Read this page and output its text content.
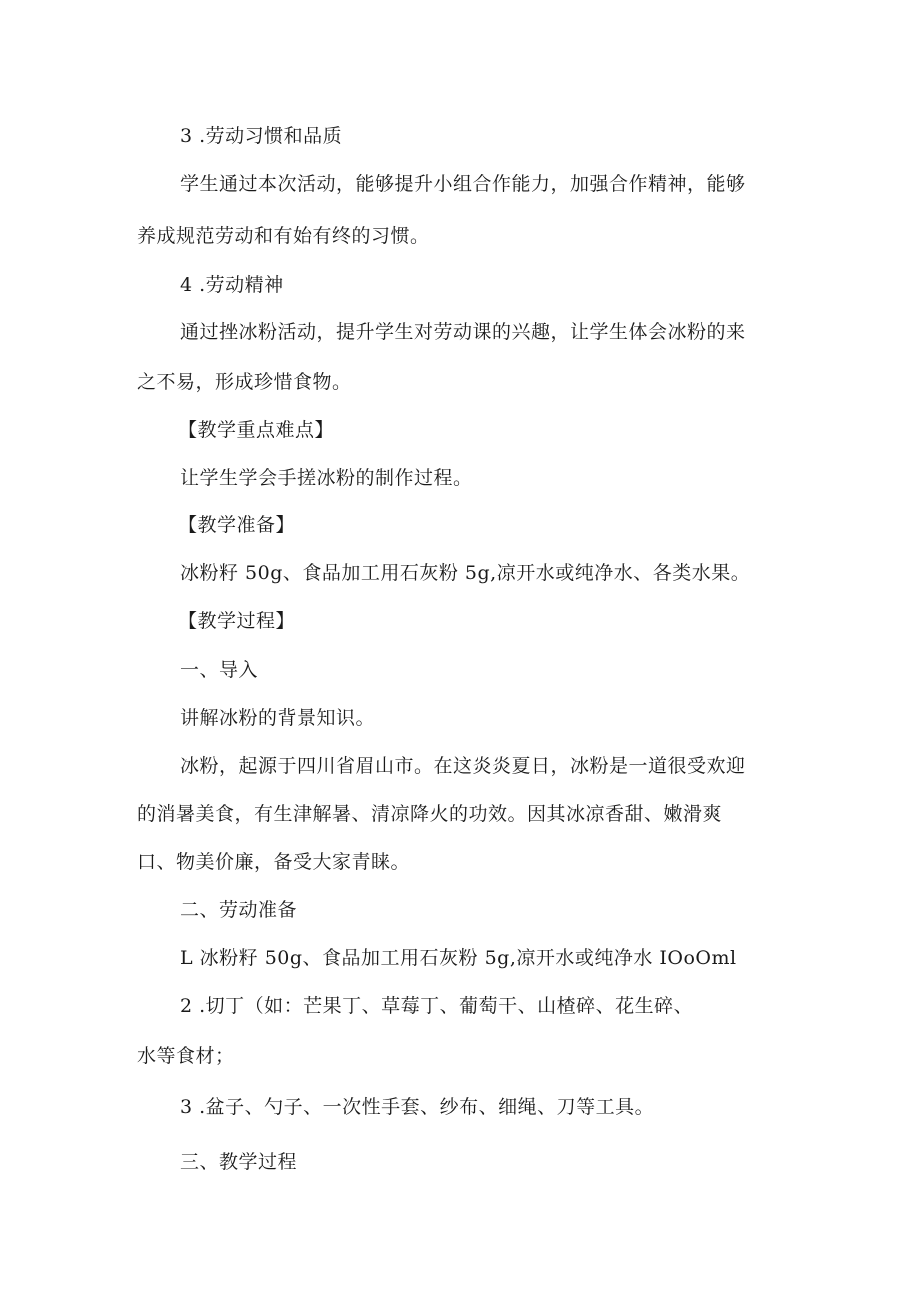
3 .劳动习惯和品质
学生通过本次活动，能够提升小组合作能力，加强合作精神，能够
养成规范劳动和有始有终的习惯。
4 .劳动精神
通过挫冰粉活动，提升学生对劳动课的兴趣，让学生体会冰粉的来
之不易，形成珍惜食物。
【教学重点难点】
让学生学会手搓冰粉的制作过程。
【教学准备】
冰粉籽 50g、食品加工用石灰粉 5g,凉开水或纯净水、各类水果。
【教学过程】
一、导入
讲解冰粉的背景知识。
冰粉，起源于四川省眉山市。在这炎炎夏日，冰粉是一道很受欢迎
的消暑美食，有生津解暑、清凉降火的功效。因其冰凉香甜、嫩滑爽
口、物美价廉，备受大家青睐。
二、劳动准备
L 冰粉籽 50g、食品加工用石灰粉 5g,凉开水或纯净水 IOoOml
2 .切丁（如：芒果丁、草莓丁、葡萄干、山楂碎、花生碎、
水等食材；
3 .盆子、勺子、一次性手套、纱布、细绳、刀等工具。
三、教学过程
